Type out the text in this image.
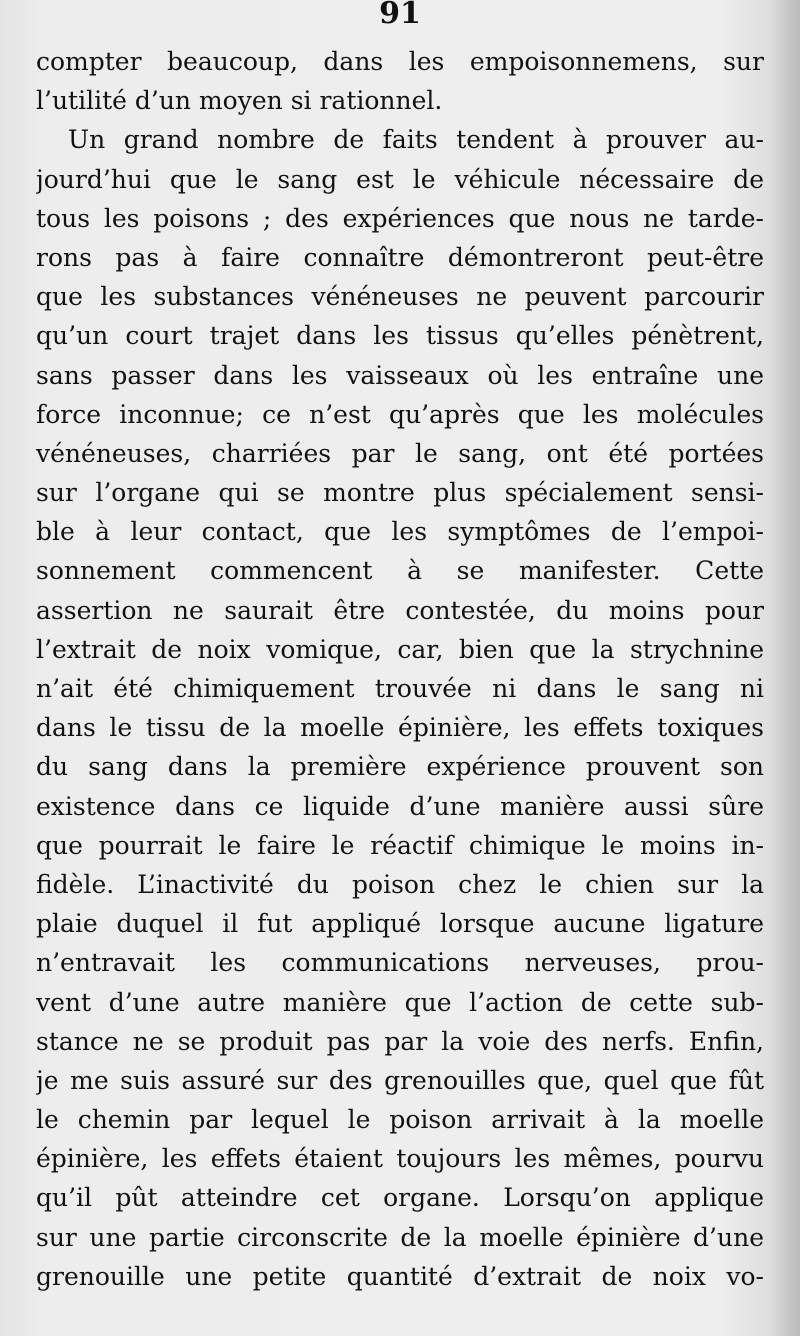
91
compter beaucoup, dans les empoisonnemens, sur
l’utilité d’un moyen si rationnel.
Un grand nombre de faits tendent à prouver au-
jourd’hui que le sang est le véhicule nécessaire de
tous les poisons ; des expériences que nous ne tarde-
rons pas à faire connaître démontreront peut-être
que les substances vénéneuses ne peuvent parcourir
qu’un court trajet dans les tissus qu’elles pénètrent,
sans passer dans les vaisseaux où les entraîne une
force inconnue; ce n’est qu’après que les molécules
vénéneuses, charriées par le sang, ont été portées
sur l’organe qui se montre plus spécialement sensi-
ble à leur contact, que les symptômes de l’empoi-
sonnement commencent à se manifester. Cette
assertion ne saurait être contestée, du moins pour
l’extrait de noix vomique, car, bien que la strychnine
n’ait été chimiquement trouvée ni dans le sang ni
dans le tissu de la moelle épinière, les effets toxiques
du sang dans la première expérience prouvent son
existence dans ce liquide d’une manière aussi sûre
que pourrait le faire le réactif chimique le moins in-
fidèle. L’inactivité du poison chez le chien sur la
plaie duquel il fut appliqué lorsque aucune ligature
n’entravait les communications nerveuses, prou-
vent d’une autre manière que l’action de cette sub-
stance ne se produit pas par la voie des nerfs. Enfin,
je me suis assuré sur des grenouilles que, quel que fût
le chemin par lequel le poison arrivait à la moelle
épinière, les effets étaient toujours les mêmes, pourvu
qu’il pût atteindre cet organe. Lorsqu’on applique
sur une partie circonscrite de la moelle épinière d’une
grenouille une petite quantité d’extrait de noix vo-
